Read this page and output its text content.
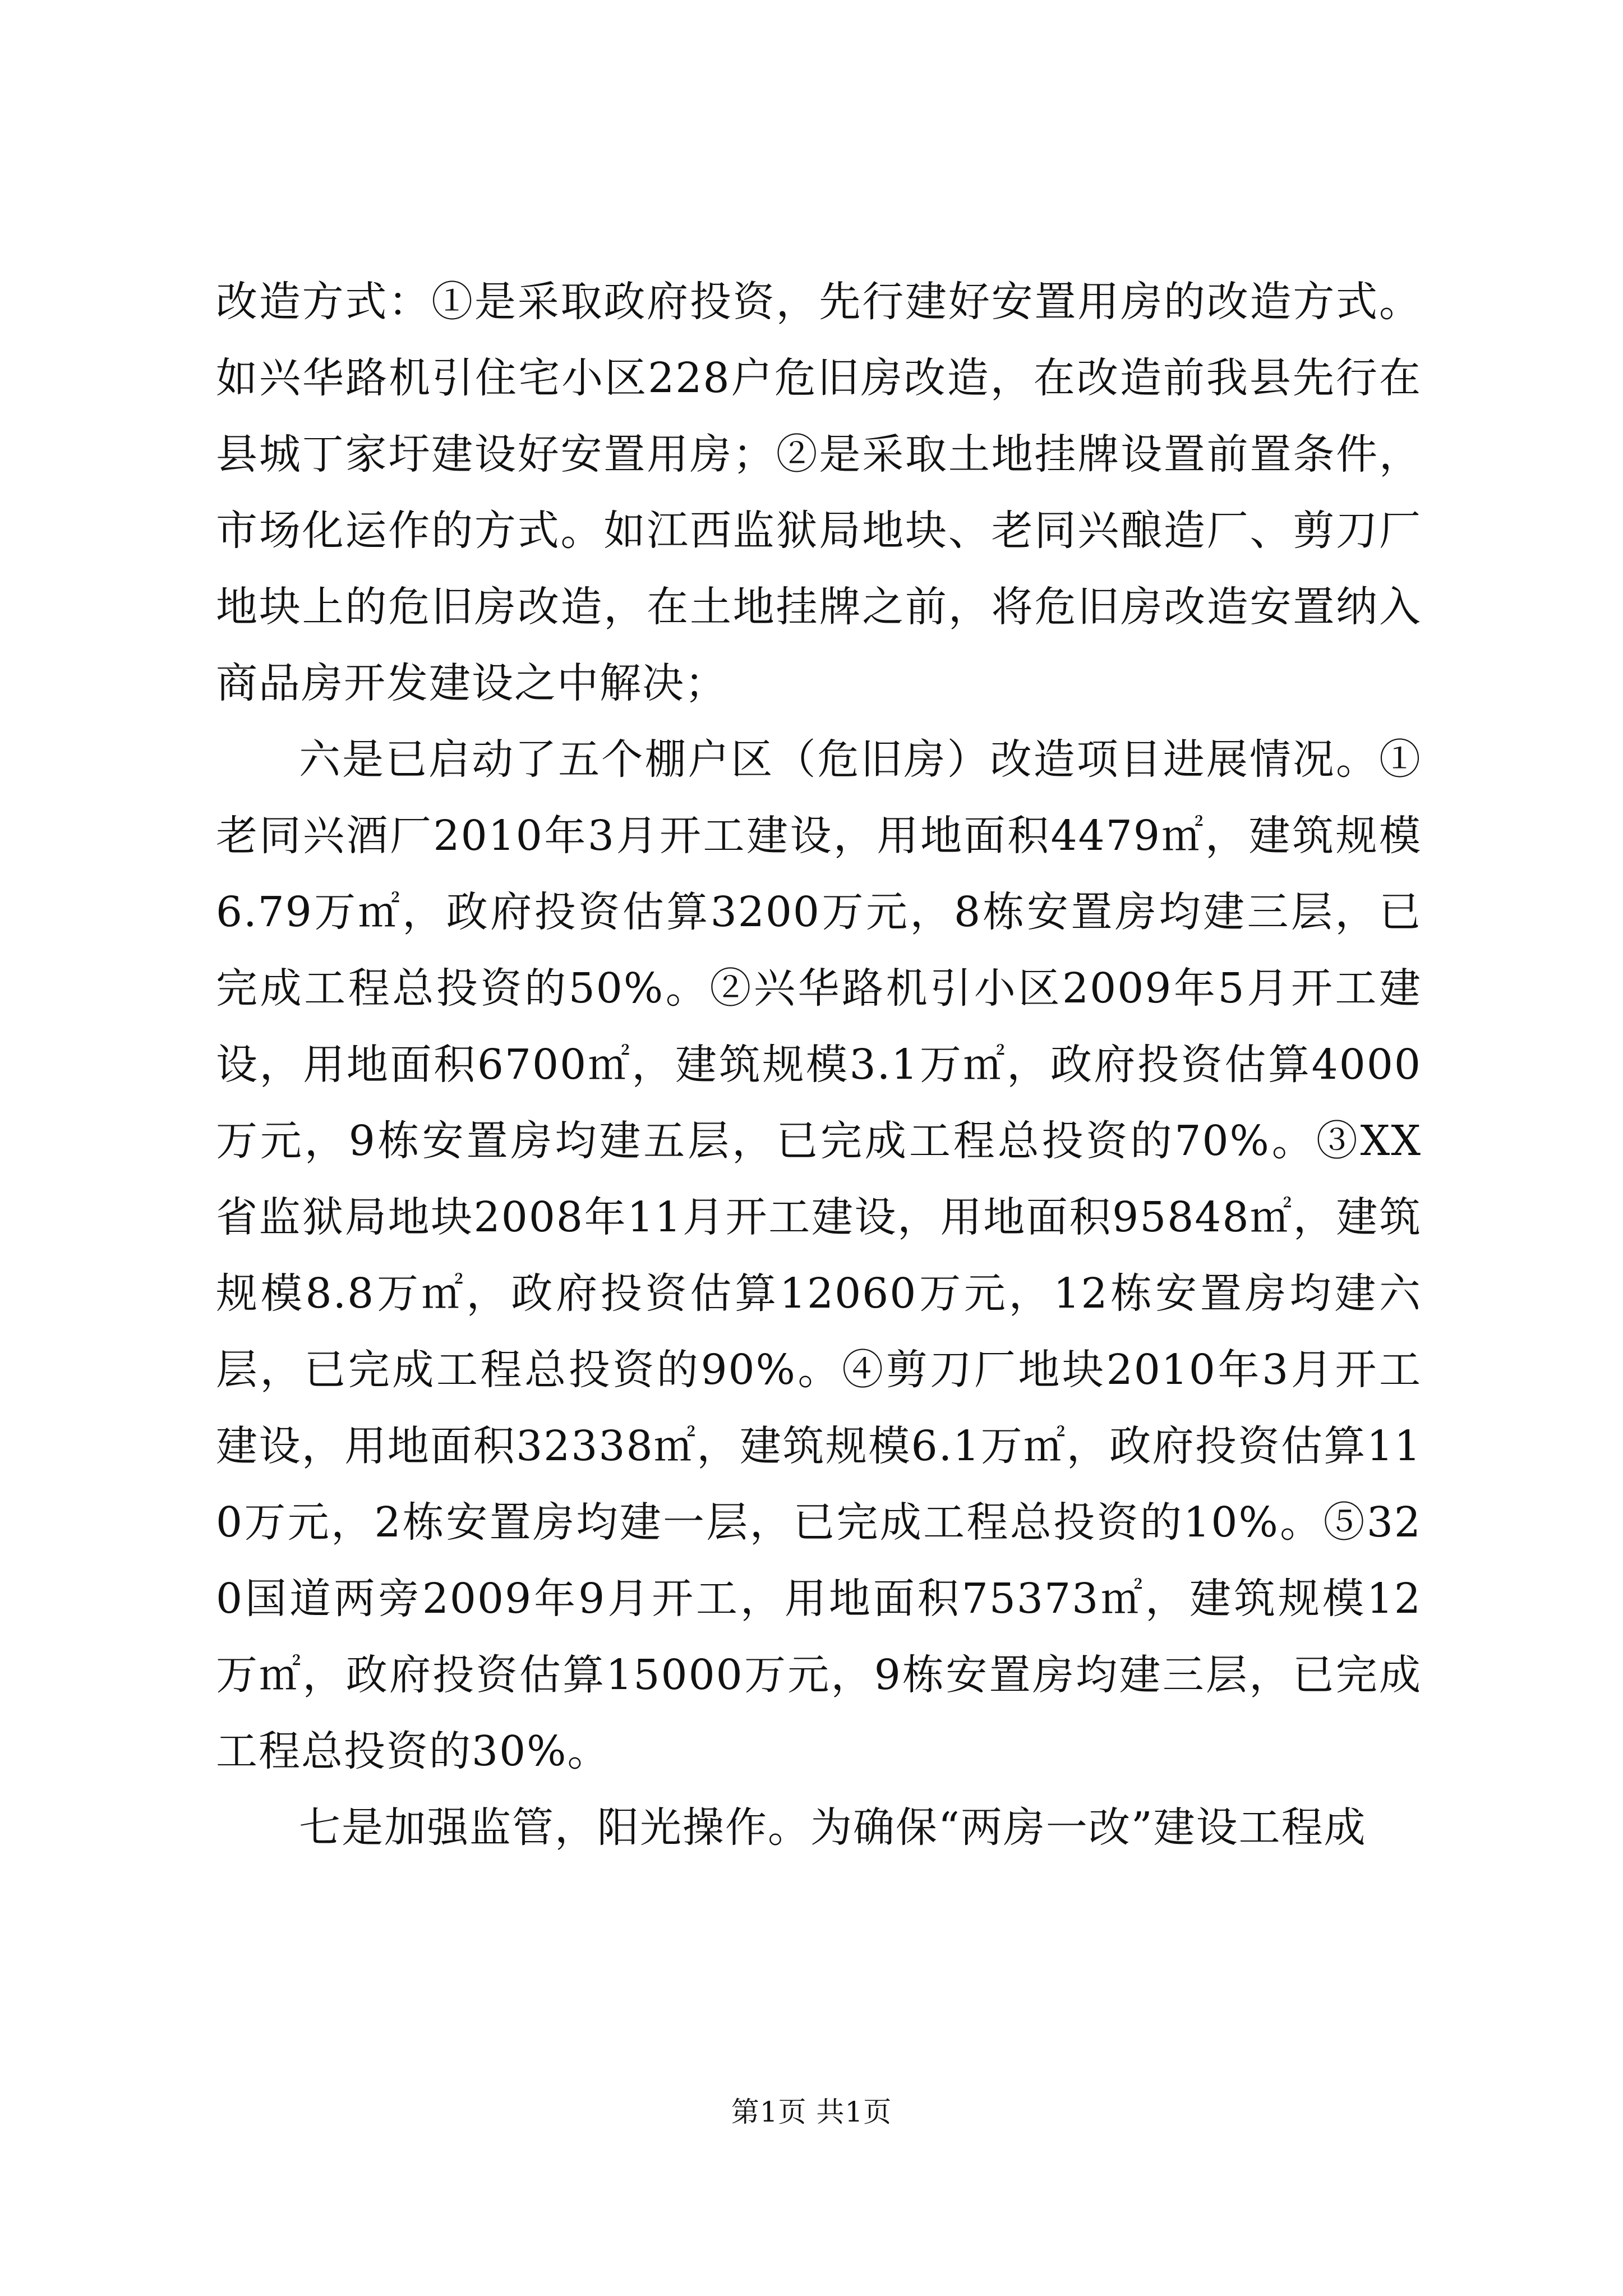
改造方式：①是采取政府投资，先行建好安置用房的改造方式。如兴华路机引住宅小区228户危旧房改造，在改造前我县先行在县城丁家圩建设好安置用房；②是采取土地挂牌设置前置条件，市场化运作的方式。如江西监狱局地块、老同兴酿造厂、剪刀厂地块上的危旧房改造，在土地挂牌之前，将危旧房改造安置纳入商品房开发建设之中解决；

六是已启动了五个棚户区（危旧房）改造项目进展情况。①老同兴酒厂2010年3月开工建设，用地面积4479㎡，建筑规模6.79万㎡，政府投资估算3200万元，8栋安置房均建三层，已完成工程总投资的50%。②兴华路机引小区2009年5月开工建设，用地面积6700㎡，建筑规模3.1万㎡，政府投资估算4000万元，9栋安置房均建五层，已完成工程总投资的70%。③XX省监狱局地块2008年11月开工建设，用地面积95848㎡，建筑规模8.8万㎡，政府投资估算12060万元，12栋安置房均建六层，已完成工程总投资的90%。④剪刀厂地块2010年3月开工建设，用地面积32338㎡，建筑规模6.1万㎡，政府投资估算110万元，2栋安置房均建一层，已完成工程总投资的10%。⑤320国道两旁2009年9月开工，用地面积75373㎡，建筑规模12万㎡，政府投资估算15000万元，9栋安置房均建三层，已完成工程总投资的30%。

七是加强监管，阳光操作。为确保“两房一改”建设工程成

第1页 共1页
